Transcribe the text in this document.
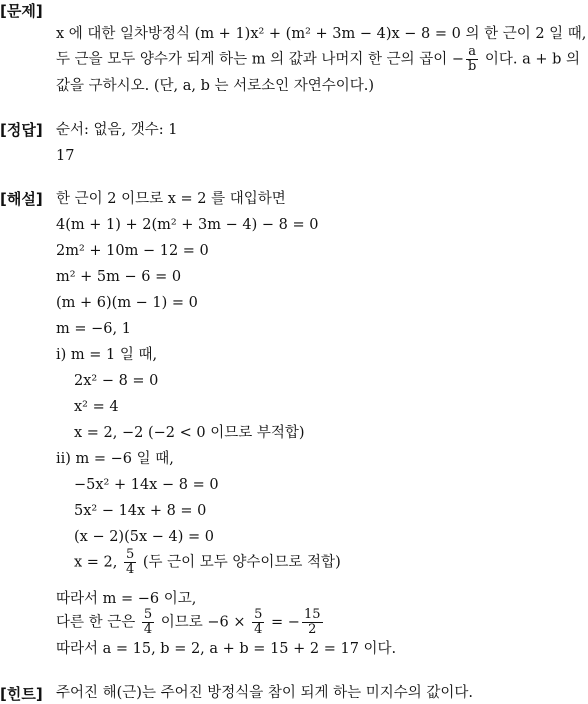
[문제]
x 에 대한 일차방정식 (m + 1)x² + (m² + 3m − 4)x − 8 = 0 의 한 근이 2 일 때,
두 근을 모두 양수가 되게 하는 m 의 값과 나머지 한 근의 곱이 − $\frac{a}{b}$ 이다. a + b 의
값을 구하시오. (단, a, b 는 서로소인 자연수이다.)
[정답] 순서: 없음, 갯수: 1
17
[해설] 한 근이 2 이므로 x = 2 를 대입하면
4(m + 1) + 2(m² + 3m − 4) − 8 = 0
2m² + 10m − 12 = 0
m² + 5m − 6 = 0
(m + 6)(m − 1) = 0
m = −6, 1
i) m = 1 일 때,
2x² − 8 = 0
x² = 4
x = 2, −2 (−2 < 0 이므로 부적합)
ii) m = −6 일 때,
−5x² + 14x − 8 = 0
5x² − 14x + 8 = 0
(x − 2)(5x − 4) = 0
x = 2, $\frac{5}{4}$ (두 근이 모두 양수이므로 적합)
따라서 m = −6 이고,
다른 한 근은 $\frac{5}{4}$ 이므로 $-6 \times \frac{5}{4}$ = − $\frac{15}{2}$
따라서 a = 15, b = 2, a + b = 15 + 2 = 17 이다.
[힌트] 주어진 해(근)는 주어진 방정식을 참이 되게 하는 미지수의 값이다.
